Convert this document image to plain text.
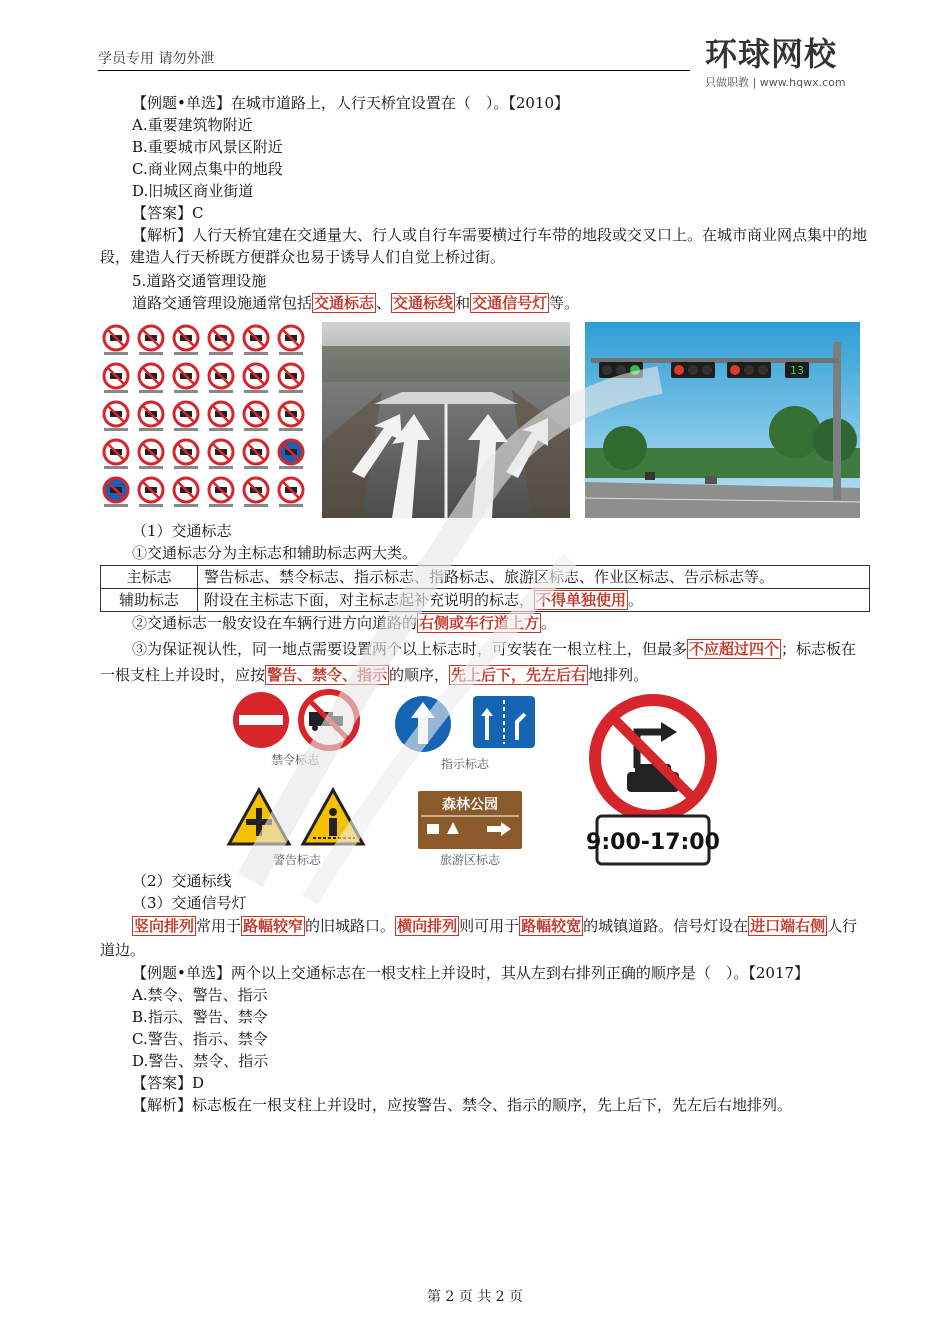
学员专用 请勿外泄	环球网校
只做职教 | www.hqwx.com
【例题•单选】在城市道路上，人行天桥宜设置在（　）。【2010】
A.重要建筑物附近
B.重要城市风景区附近
C.商业网点集中的地段
D.旧城区商业街道
【答案】C
【解析】人行天桥宜建在交通量大、行人或自行车需要横过行车带的地段或交叉口上。在城市商业网点集中的地段，建造人行天桥既方便群众也易于诱导人们自觉上桥过街。
5.道路交通管理设施
道路交通管理设施通常包括 交通标志 、 交通标线 和 交通信号灯 等。
13
（1）交通标志
①交通标志分为主标志和辅助标志两大类。
主标志	警告标志、禁令标志、指示标志、指路标志、旅游区标志、作业区标志、告示标志等。
辅助标志	附设在主标志下面，对主标志起补充说明的标志， 不得单独使用 。
②交通标志一般安设在车辆行进方向道路的 右侧或车行道上方 。
③为保证视认性，同一地点需要设置两个以上标志时，可安装在一根立柱上，但最多 不应超过四个 ；标志板在一根支柱上并设时，应按 警告、禁令、指示 的顺序， 先上后下，先左后右 地排列。
禁令标志	指示标志
警告标志
森林公园
旅游区标志
9:00-17:00
（2）交通标线
（3）交通信号灯
竖向排列 常用于 路幅较窄 的旧城路口。 横向排列 则可用于 路幅较宽 的城镇道路。信号灯设在 进口端右侧 人行道边。
【例题•单选】两个以上交通标志在一根支柱上并设时，其从左到右排列正确的顺序是（　）。【2017】
A.禁令、警告、指示
B.指示、警告、禁令
C.警告、指示、禁令
D.警告、禁令、指示
【答案】D
【解析】标志板在一根支柱上并设时，应按警告、禁令、指示的顺序，先上后下，先左后右地排列。
第 2 页 共 2 页
